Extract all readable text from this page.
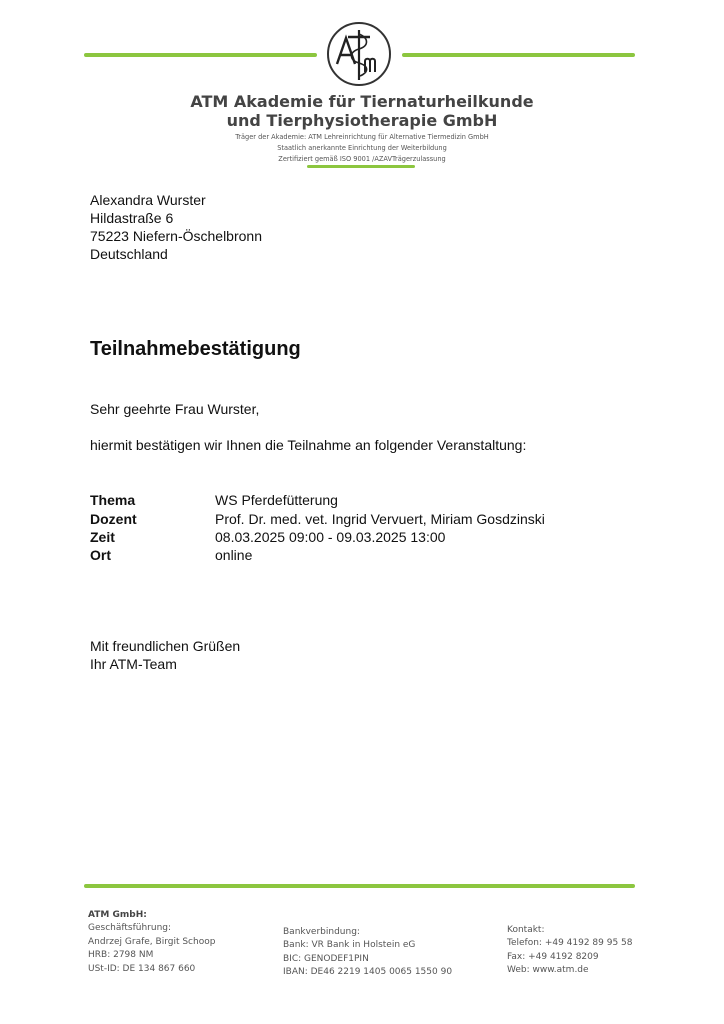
ATM Akademie für Tiernaturheilkunde
und Tierphysiotherapie GmbH
Träger der Akademie: ATM Lehreinrichtung für Alternative Tiermedizin GmbH
Staatlich anerkannte Einrichtung der Weiterbildung
Zertifiziert gemäß ISO 9001 /AZAVTrägerzulassung
Alexandra Wurster
Hildastraße 6
75223 Niefern-Öschelbronn
Deutschland
Teilnahmebestätigung
Sehr geehrte Frau Wurster,
hiermit bestätigen wir Ihnen die Teilnahme an folgender Veranstaltung:
Thema	WS Pferdefütterung
Dozent	Prof. Dr. med. vet. Ingrid Vervuert, Miriam Gosdzinski
Zeit	08.03.2025 09:00 - 09.03.2025 13:00
Ort	online
Mit freundlichen Grüßen
Ihr ATM-Team
ATM GmbH:
Geschäftsführung:
Andrzej Grafe, Birgit Schoop
HRB: 2798 NM
USt-ID: DE 134 867 660
Bankverbindung:
Bank: VR Bank in Holstein eG
BIC: GENODEF1PIN
IBAN: DE46 2219 1405 0065 1550 90
Kontakt:
Telefon: +49 4192 89 95 58
Fax: +49 4192 8209
Web: www.atm.de
